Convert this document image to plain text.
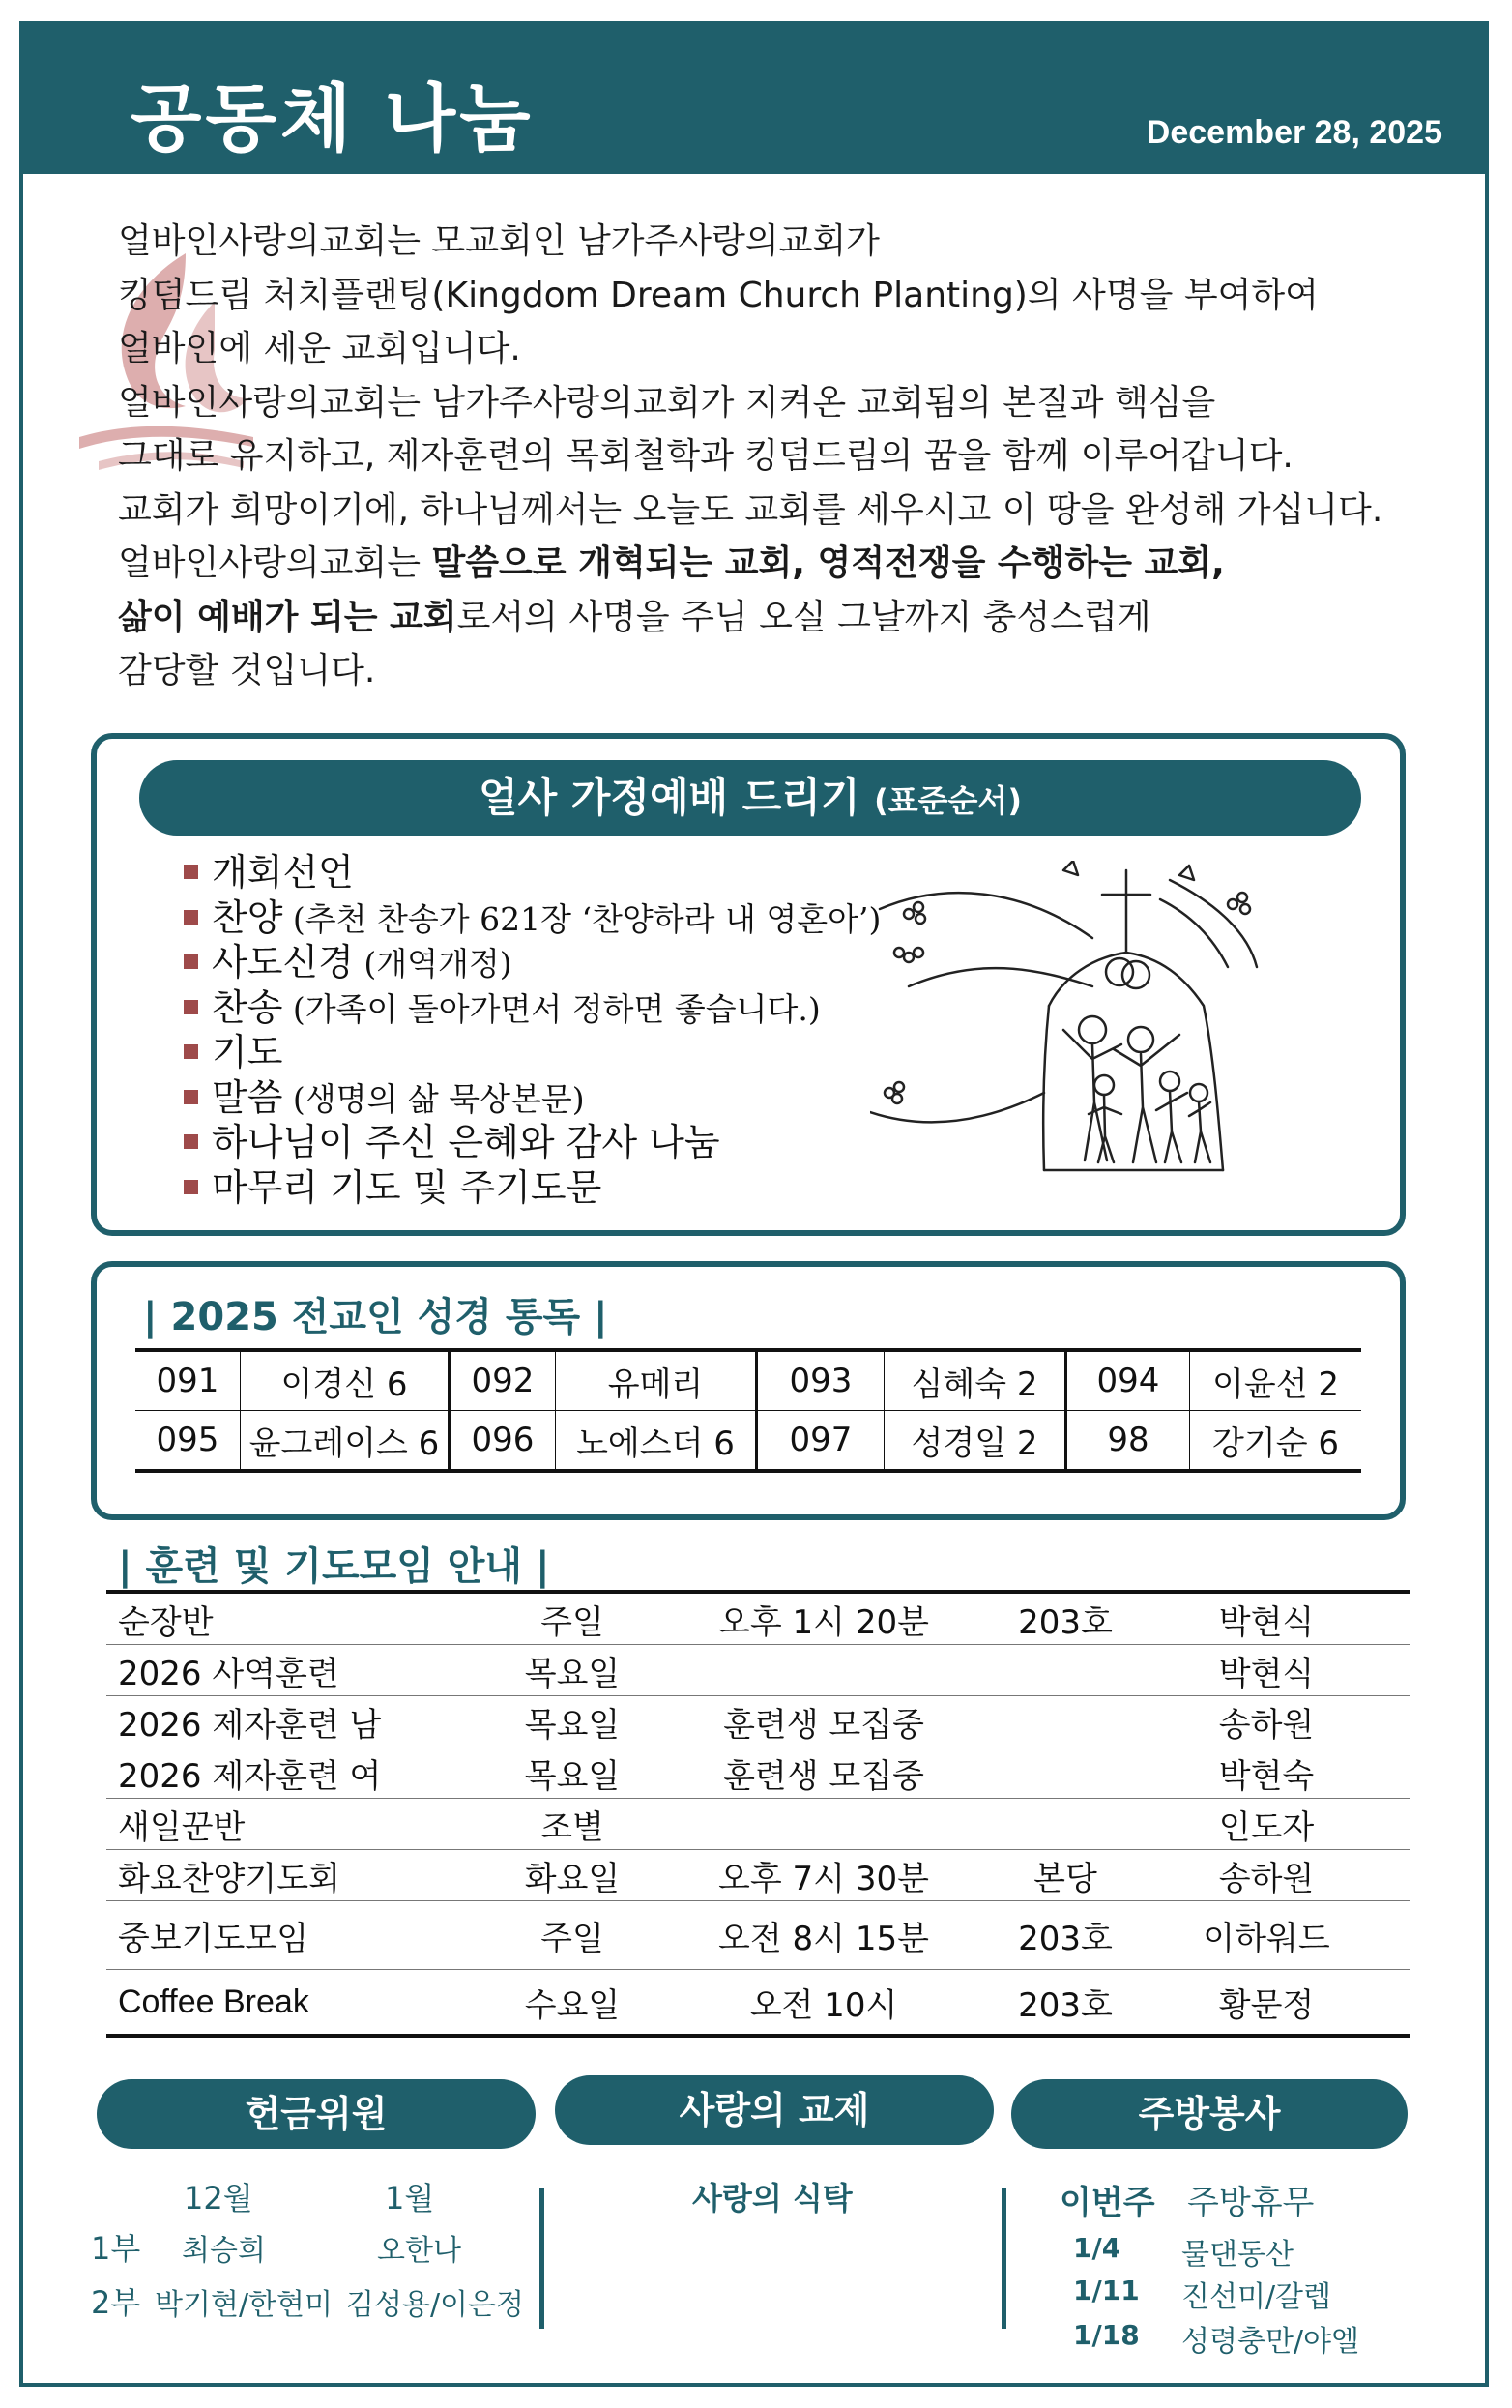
공동체 나눔	December 28, 2025

얼바인사랑의교회는 모교회인 남가주사랑의교회가

킹덤드림 처치플랜팅(Kingdom Dream Church Planting)의 사명을 부여하여

얼바인에 세운 교회입니다.

얼바인사랑의교회는 남가주사랑의교회가 지켜온 교회됨의 본질과 핵심을

그대로 유지하고, 제자훈련의 목회철학과 킹덤드림의 꿈을 함께 이루어갑니다.

교회가 희망이기에, 하나님께서는 오늘도 교회를 세우시고 이 땅을 완성해 가십니다.

얼바인사랑의교회는 말씀으로 개혁되는 교회, 영적전쟁을 수행하는 교회,

삶이 예배가 되는 교회로서의 사명을 주님 오실 그날까지 충성스럽게

감당할 것입니다.

얼사 가정예배 드리기 (표준순서)
개회선언
찬양 (추천 찬송가 621장 ‘찬양하라 내 영혼아’)
사도신경 (개역개정)
찬송 (가족이 돌아가면서 정하면 좋습니다.)
기도
말씀 (생명의 삶 묵상본문)
하나님이 주신 은혜와 감사 나눔
마무리 기도 및 주기도문
| 2025 전교인 성경 통독 |
091	이경신 6	092	유메리	093	심혜숙 2	094	이윤선 2
095	윤그레이스 6	096	노에스더 6	097	성경일 2	98	강기순 6
| 훈련 및 기도모임 안내 |
순장반	주일	오후 1시 20분	203호	박현식
2026 사역훈련	목요일			박현식
2026 제자훈련 남	목요일	훈련생 모집중		송하원
2026 제자훈련 여	목요일	훈련생 모집중		박현숙
새일꾼반	조별			인도자
화요찬양기도회	화요일	오후 7시 30분	본당	송하원
중보기도모임	주일	오전 8시 15분	203호	이하워드
Coffee Break	수요일	오전 10시	203호	황문정
헌금위원	사랑의 교제	주방봉사
12월	1월
1부 최승희	오한나
2부 박기현/한현미 김성용/이은정
사랑의 식탁	이번주 주방휴무
1/4 물댄동산
1/11 진선미/갈렙
1/18 성령충만/야엘
